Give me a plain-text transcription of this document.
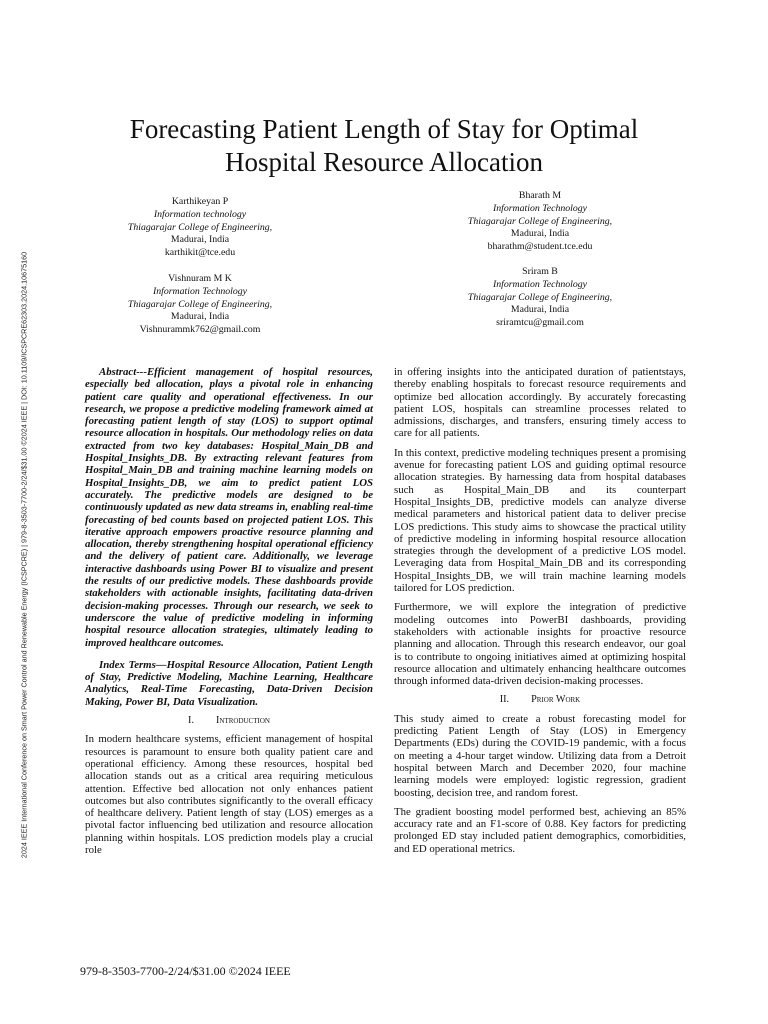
2024 IEEE International Conference on Smart Power Control and Renewable Energy (ICSPCRE) | 979-8-3503-7700-2/24/$31.00 ©2024 IEEE | DOI: 10.1109/ICSPCRE62303.2024.10675160
Forecasting Patient Length of Stay for Optimal Hospital Resource Allocation
Karthikeyan P
Information technology
Thiagarajar College of Engineering,
Madurai, India
karthikit@tce.edu
Bharath M
Information Technology
Thiagarajar College of Engineering,
Madurai, India
bharathm@student.tce.edu
Vishnuram M K
Information Technology
Thiagarajar College of Engineering,
Madurai, India
Vishnurammk762@gmail.com
Sriram B
Information Technology
Thiagarajar College of Engineering,
Madurai, India
sriramtcu@gmail.com

Abstract---Efficient management of hospital resources, especially bed allocation, plays a pivotal role in enhancing patient care quality and operational effectiveness. In our research, we propose a predictive modeling framework aimed at forecasting patient length of stay (LOS) to support optimal resource allocation in hospitals. Our methodology relies on data extracted from two key databases: Hospital_Main_DB and Hospital_Insights_DB. By extracting relevant features from Hospital_Main_DB and training machine learning models on Hospital_Insights_DB, we aim to predict patient LOS accurately. The predictive models are designed to be continuously updated as new data streams in, enabling real-time forecasting of bed counts based on projected patient LOS. This iterative approach empowers proactive resource planning and allocation, thereby strengthening hospital operational efficiency and the delivery of patient care. Additionally, we leverage interactive dashboards using Power BI to visualize and present the results of our predictive models. These dashboards provide stakeholders with actionable insights, facilitating data-driven decision-making processes. Through our research, we seek to underscore the value of predictive modeling in informing hospital resource allocation strategies, ultimately leading to improved healthcare outcomes.

Index Terms—Hospital Resource Allocation, Patient Length of Stay, Predictive Modeling, Machine Learning, Healthcare Analytics, Real-Time Forecasting, Data-Driven Decision Making, Power BI, Data Visualization.

I. Introduction

In modern healthcare systems, efficient management of hospital resources is paramount to ensure both quality patient care and operational efficiency. Among these resources, hospital bed allocation stands out as a critical area requiring meticulous attention. Effective bed allocation not only enhances patient outcomes but also contributes significantly to the overall efficacy of healthcare delivery. Patient length of stay (LOS) emerges as a pivotal factor influencing bed utilization and resource allocation planning within hospitals. LOS prediction models play a crucial role

in offering insights into the anticipated duration of patientstays, thereby enabling hospitals to forecast resource requirements and optimize bed allocation accordingly. By accurately forecasting patient LOS, hospitals can streamline processes related to admissions, discharges, and transfers, ensuring timely access to care for all patients.

In this context, predictive modeling techniques present a promising avenue for forecasting patient LOS and guiding optimal resource allocation strategies. By harnessing data from hospital databases such as Hospital_Main_DB and its counterpart Hospital_Insights_DB, predictive models can analyze diverse medical parameters and historical patient data to deliver precise LOS predictions. This study aims to showcase the practical utility of predictive modeling in informing hospital resource allocation strategies through the development of a predictive LOS model. Leveraging data from Hospital_Main_DB and its corresponding Hospital_Insights_DB, we will train machine learning models tailored for LOS prediction.

Furthermore, we will explore the integration of predictive modeling outcomes into PowerBI dashboards, providing stakeholders with actionable insights for proactive resource planning and allocation. Through this research endeavor, our goal is to contribute to ongoing initiatives aimed at optimizing hospital resource allocation and ultimately enhancing healthcare outcomes through informed data-driven decision-making processes.

II. Prior Work

This study aimed to create a robust forecasting model for predicting Patient Length of Stay (LOS) in Emergency Departments (EDs) during the COVID-19 pandemic, with a focus on meeting a 4-hour target window. Utilizing data from a Detroit hospital between March and December 2020, four machine learning models were employed: logistic regression, gradient boosting, decision tree, and random forest.

The gradient boosting model performed best, achieving an 85% accuracy rate and an F1-score of 0.88. Key factors for predicting prolonged ED stay included patient demographics, comorbidities, and ED operational metrics.

979-8-3503-7700-2/24/$31.00 ©2024 IEEE
